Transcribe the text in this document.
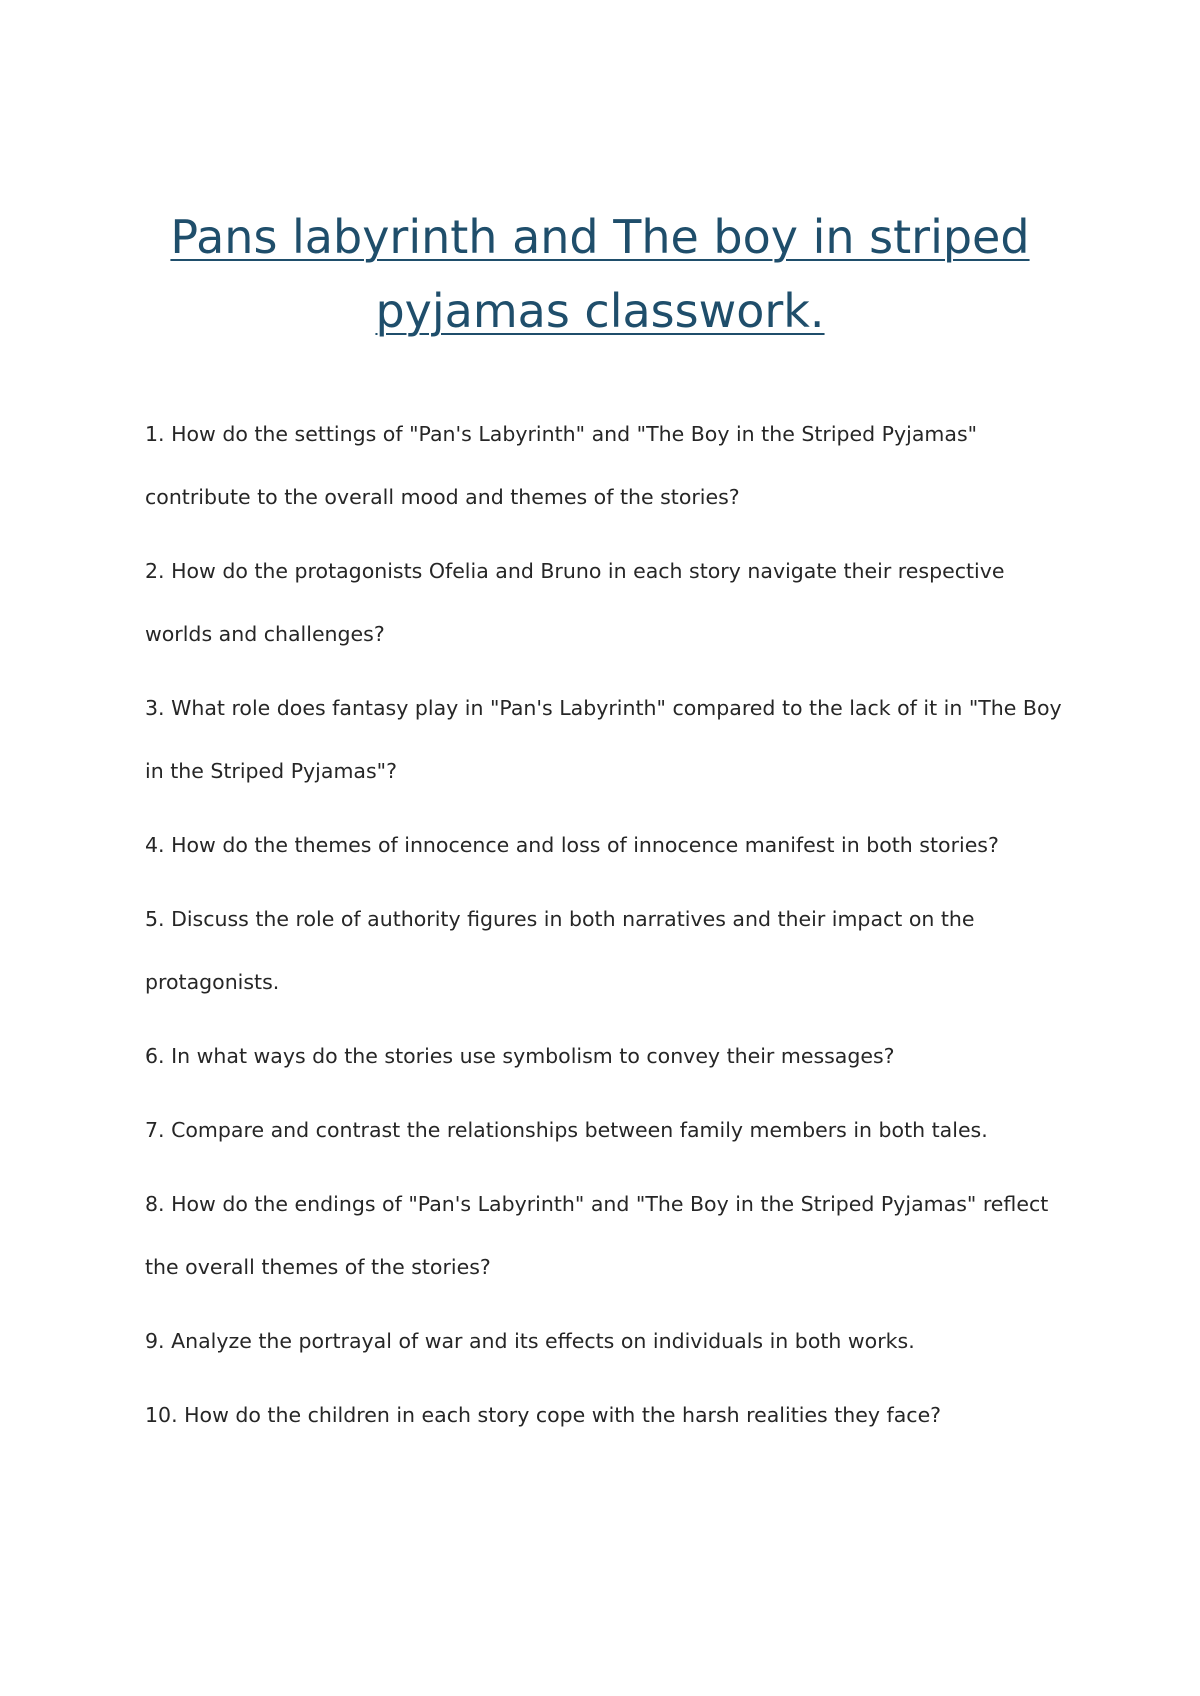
Pans labyrinth and The boy in striped pyjamas classwork.
1. How do the settings of "Pan's Labyrinth" and "The Boy in the Striped Pyjamas" contribute to the overall mood and themes of the stories?
2. How do the protagonists Ofelia and Bruno in each story navigate their respective worlds and challenges?
3. What role does fantasy play in "Pan's Labyrinth" compared to the lack of it in "The Boy in the Striped Pyjamas"?
4. How do the themes of innocence and loss of innocence manifest in both stories?
5. Discuss the role of authority figures in both narratives and their impact on the protagonists.
6. In what ways do the stories use symbolism to convey their messages?
7. Compare and contrast the relationships between family members in both tales.
8. How do the endings of "Pan's Labyrinth" and "The Boy in the Striped Pyjamas" reflect the overall themes of the stories?
9. Analyze the portrayal of war and its effects on individuals in both works.
10. How do the children in each story cope with the harsh realities they face?
